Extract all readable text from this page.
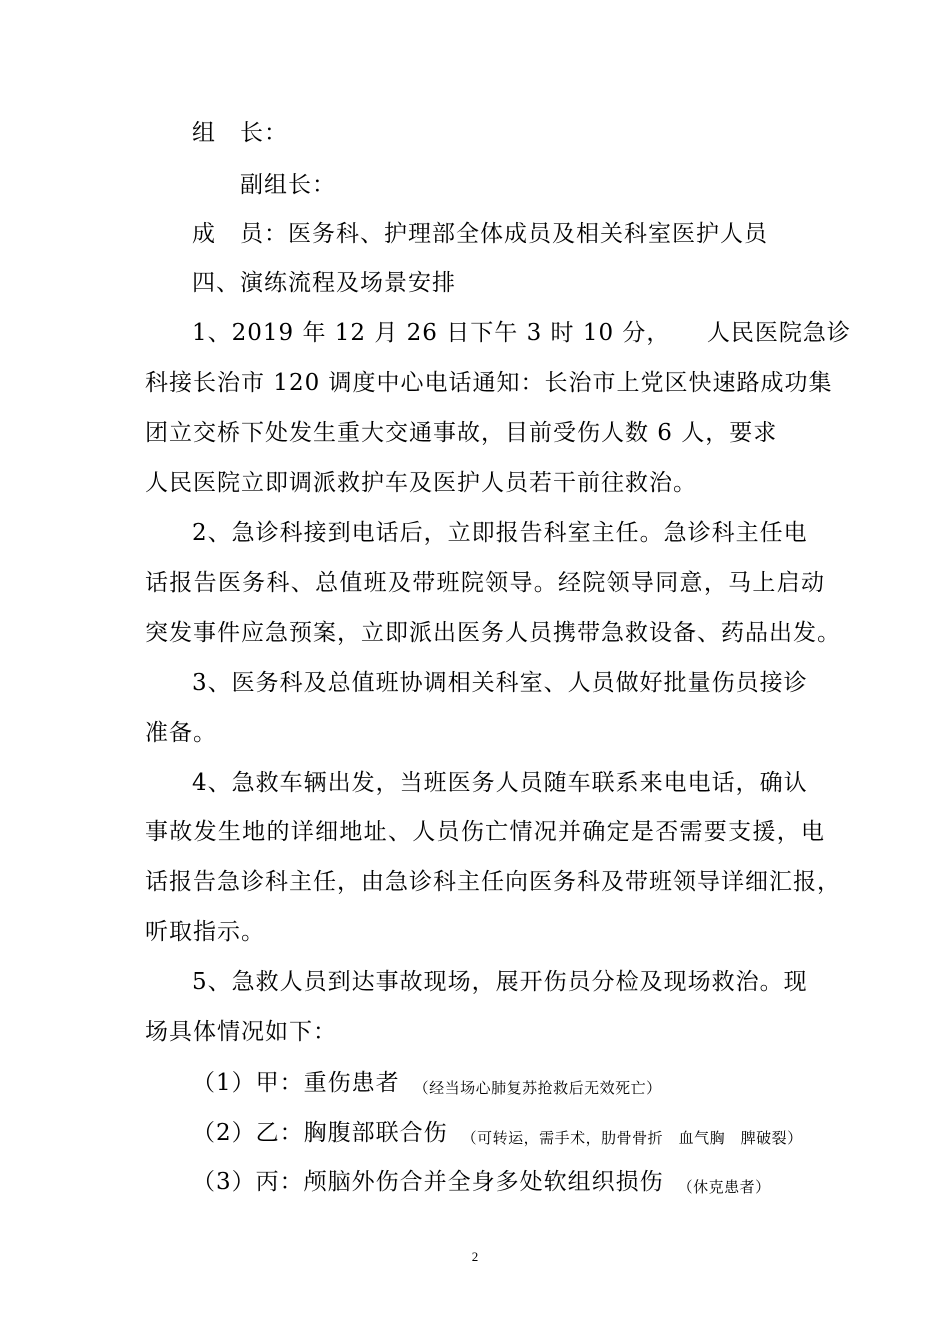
组　长：
副组长：
成　员：医务科、护理部全体成员及相关科室医护人员
四、演练流程及场景安排
1、2019 年 12 月 26 日下午 3 时 10 分，　　人民医院急诊
科接长治市 120 调度中心电话通知：长治市上党区快速路成功集
团立交桥下处发生重大交通事故，目前受伤人数 6 人，要求
人民医院立即调派救护车及医护人员若干前往救治。
2、急诊科接到电话后，立即报告科室主任。急诊科主任电
话报告医务科、总值班及带班院领导。经院领导同意，马上启动
突发事件应急预案，立即派出医务人员携带急救设备、药品出发。
3、医务科及总值班协调相关科室、人员做好批量伤员接诊
准备。
4、急救车辆出发，当班医务人员随车联系来电电话，确认
事故发生地的详细地址、人员伤亡情况并确定是否需要支援，电
话报告急诊科主任，由急诊科主任向医务科及带班领导详细汇报，
听取指示。
5、急救人员到达事故现场，展开伤员分检及现场救治。现
场具体情况如下：
（1）甲：重伤患者 （经当场心肺复苏抢救后无效死亡）
（2）乙：胸腹部联合伤 （可转运，需手术，肋骨骨折　血气胸　脾破裂）
（3）丙：颅脑外伤合并全身多处软组织损伤 （休克患者）
2
